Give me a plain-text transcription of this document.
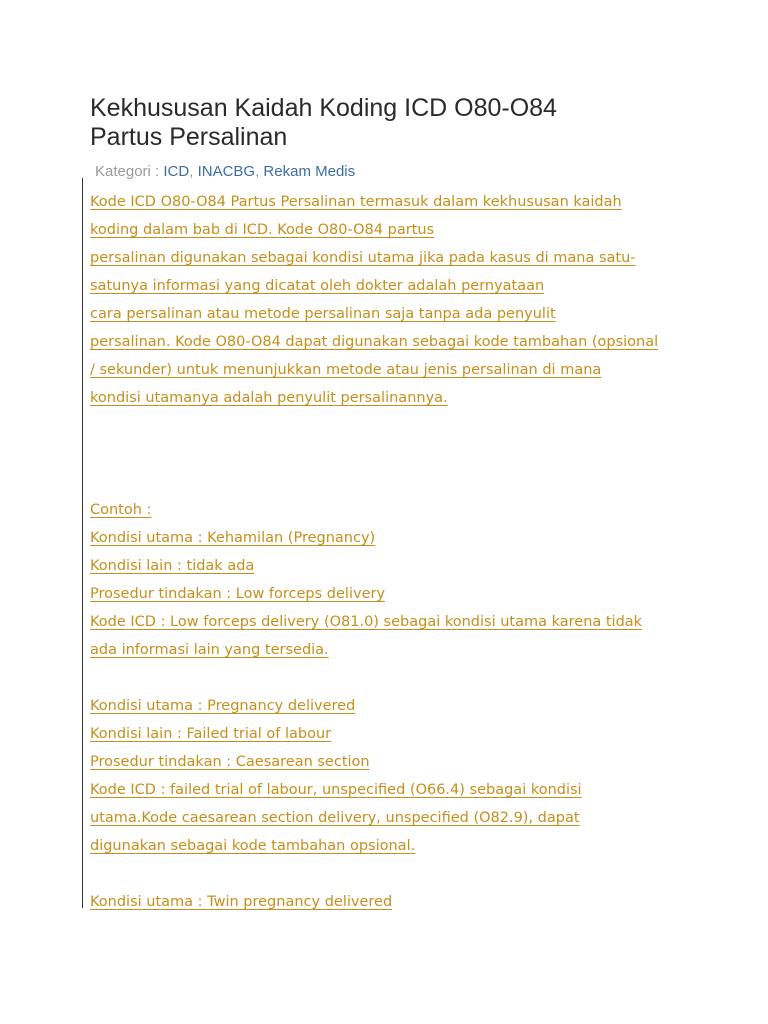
Kekhususan Kaidah Koding ICD O80-O84
Partus Persalinan
Kategori : ICD, INACBG, Rekam Medis
Kode ICD O80-O84 Partus Persalinan termasuk dalam kekhususan kaidah
koding dalam bab di ICD. Kode O80-O84 partus
persalinan digunakan sebagai kondisi utama jika pada kasus di mana satu-
satunya informasi yang dicatat oleh dokter adalah pernyataan
cara persalinan atau metode persalinan saja tanpa ada penyulit
persalinan. Kode O80-O84 dapat digunakan sebagai kode tambahan (opsional
/ sekunder) untuk menunjukkan metode atau jenis persalinan di mana
kondisi utamanya adalah penyulit persalinannya.
Contoh :
Kondisi utama : Kehamilan (Pregnancy)
Kondisi lain : tidak ada
Prosedur tindakan : Low forceps delivery
Kode ICD : Low forceps delivery (O81.0) sebagai kondisi utama karena tidak
ada informasi lain yang tersedia.
Kondisi utama : Pregnancy delivered
Kondisi lain : Failed trial of labour
Prosedur tindakan : Caesarean section
Kode ICD : failed trial of labour, unspecified (O66.4) sebagai kondisi
utama.Kode caesarean section delivery, unspecified (O82.9), dapat
digunakan sebagai kode tambahan opsional.
Kondisi utama : Twin pregnancy delivered
